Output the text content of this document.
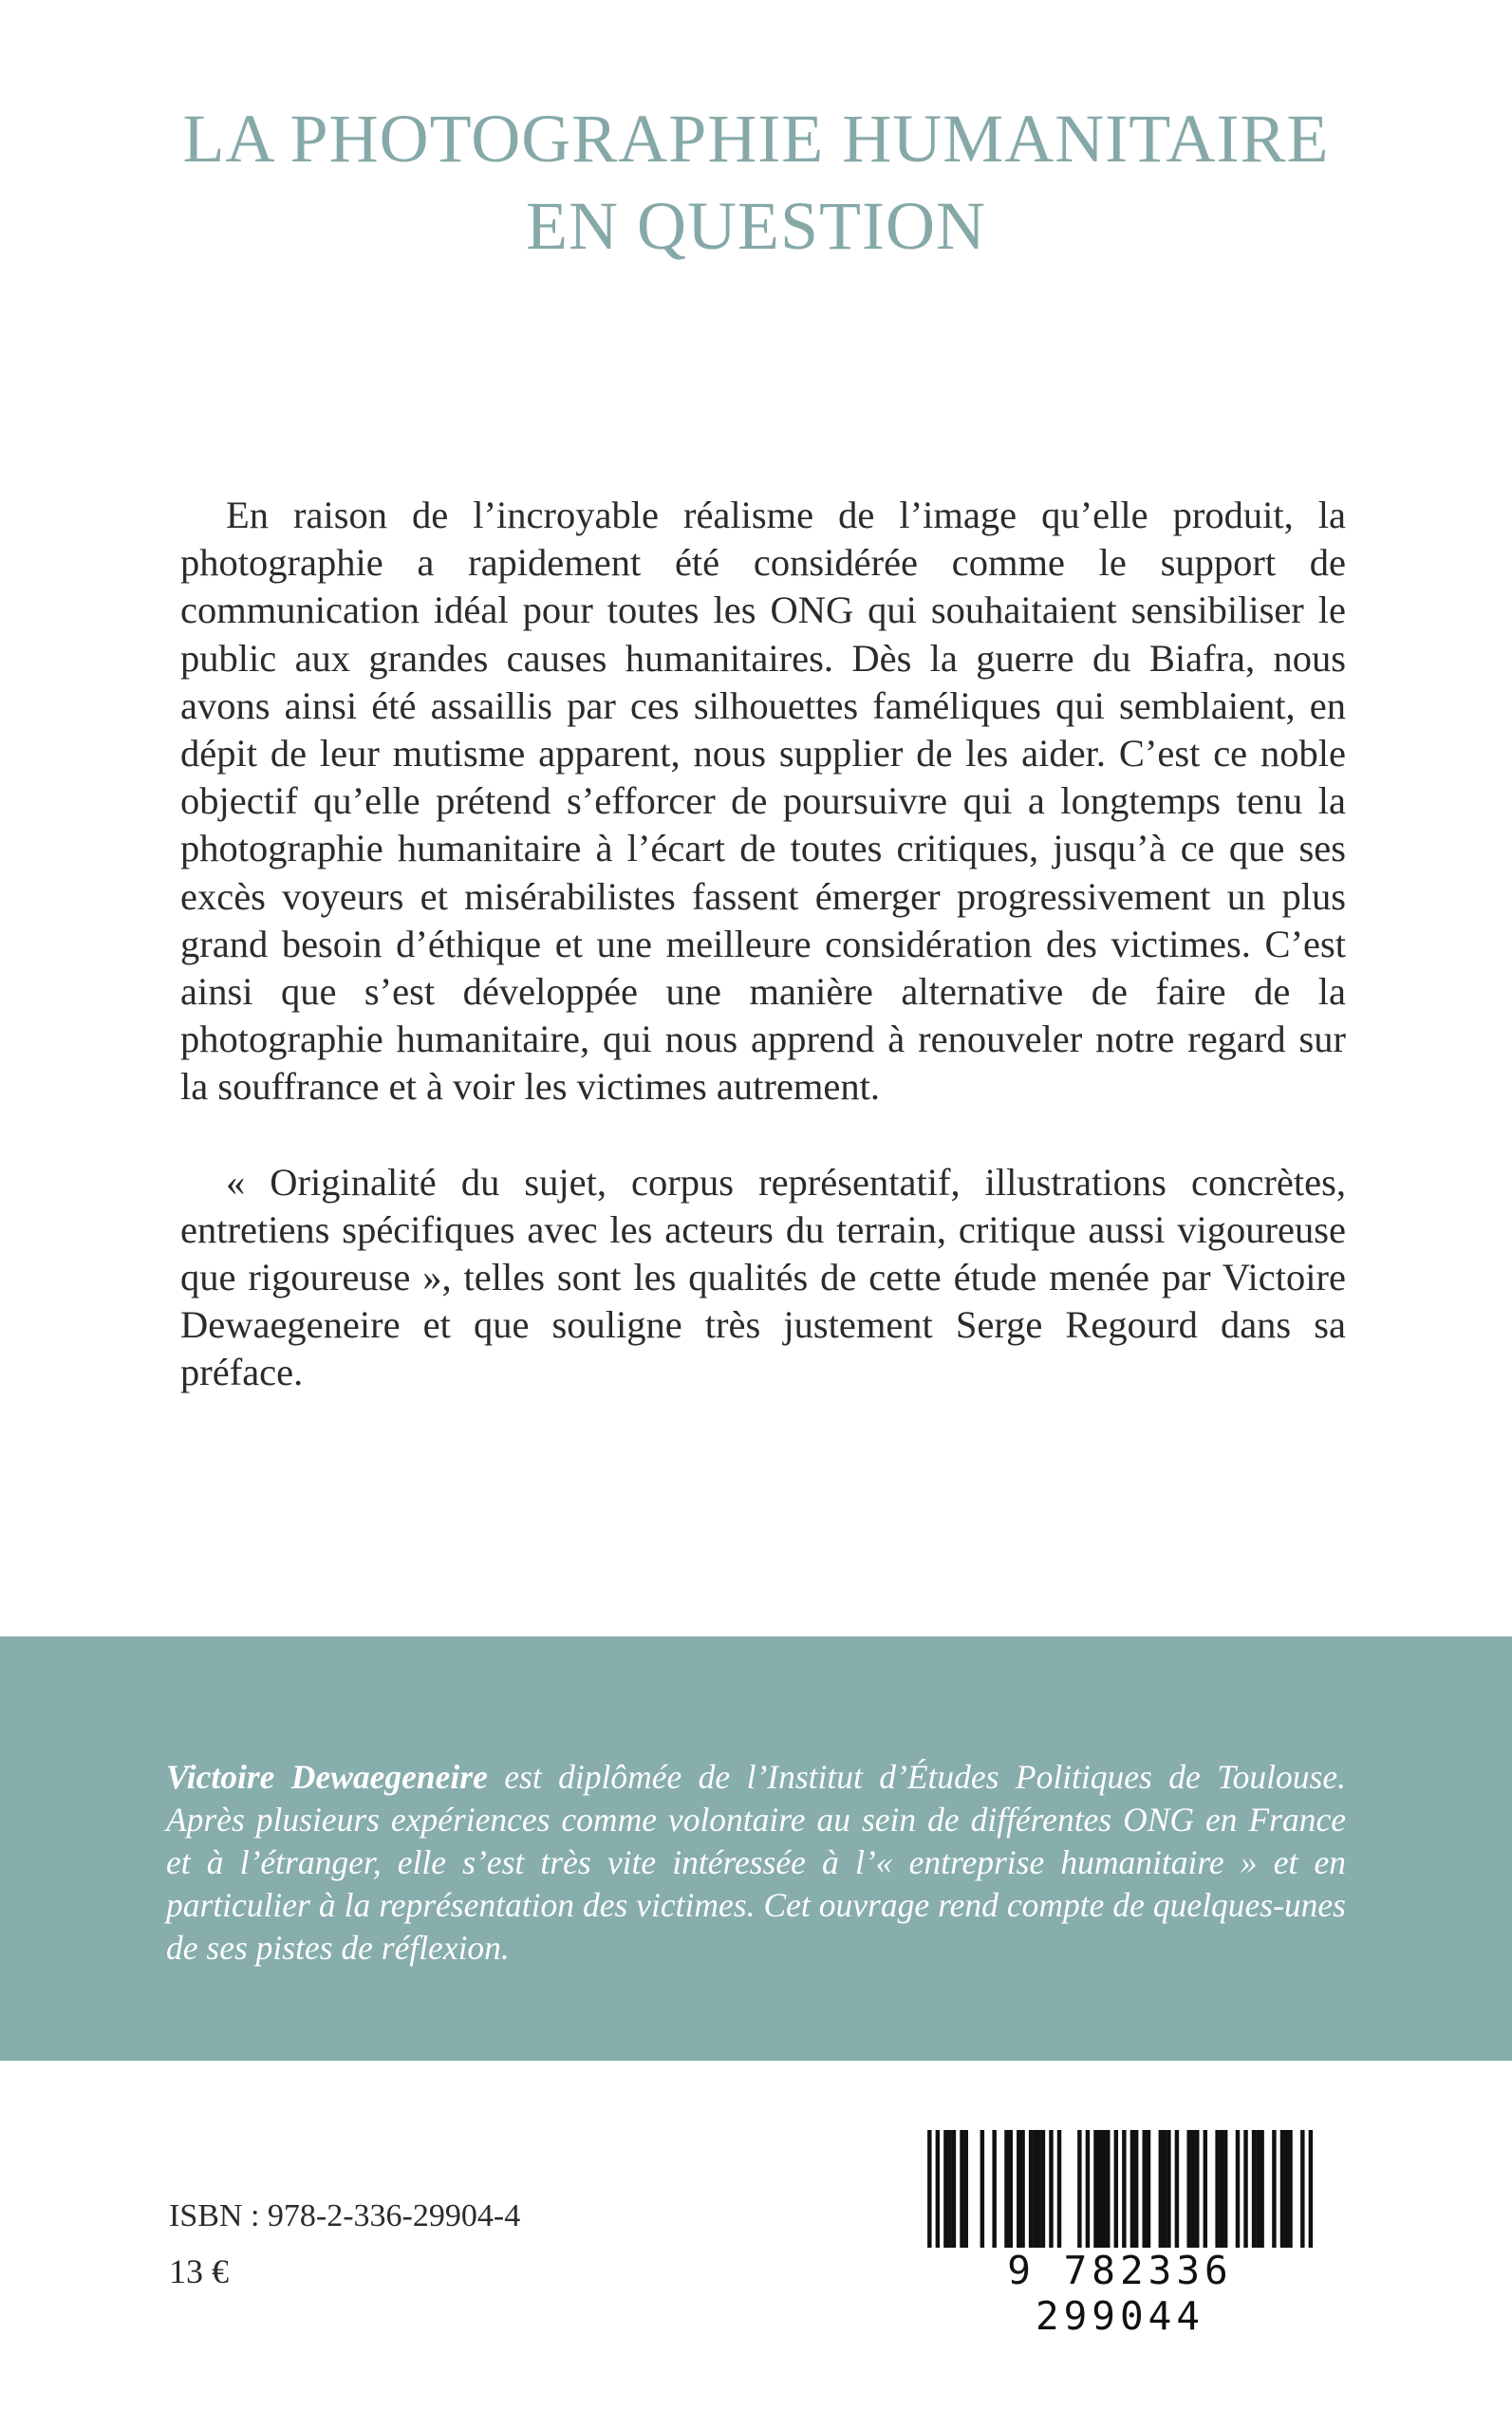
LA PHOTOGRAPHIE HUMANITAIRE
EN QUESTION

En raison de l’incroyable réalisme de l’image qu’elle produit, la photographie a rapidement été considérée comme le support de communication idéal pour toutes les ONG qui souhaitaient sensibiliser le public aux grandes causes humanitaires. Dès la guerre du Biafra, nous avons ainsi été assaillis par ces silhouettes faméliques qui semblaient, en dépit de leur mutisme apparent, nous supplier de les aider. C’est ce noble objectif qu’elle prétend s’efforcer de poursuivre qui a longtemps tenu la photographie humanitaire à l’écart de toutes critiques, jusqu’à ce que ses excès voyeurs et misérabilistes fassent émerger progressivement un plus grand besoin d’éthique et une meilleure considération des victimes. C’est ainsi que s’est développée une manière alternative de faire de la photographie humanitaire, qui nous apprend à renouveler notre regard sur la souffrance et à voir les victimes autrement.

« Originalité du sujet, corpus représentatif, illustrations concrètes, entretiens spécifiques avec les acteurs du terrain, critique aussi vigoureuse que rigoureuse », telles sont les qualités de cette étude menée par Victoire Dewaegeneire et que souligne très justement Serge Regourd dans sa préface.

Victoire Dewaegeneire est diplômée de l’Institut d’Études Politiques de Toulouse. Après plusieurs expériences comme volontaire au sein de différentes ONG en France et à l’étranger, elle s’est très vite intéressée à l’« entreprise humanitaire » et en particulier à la représentation des victimes. Cet ouvrage rend compte de quelques-unes de ses pistes de réflexion.
ISBN : 978-2-336-29904-4
13 €	9 782336 299044
